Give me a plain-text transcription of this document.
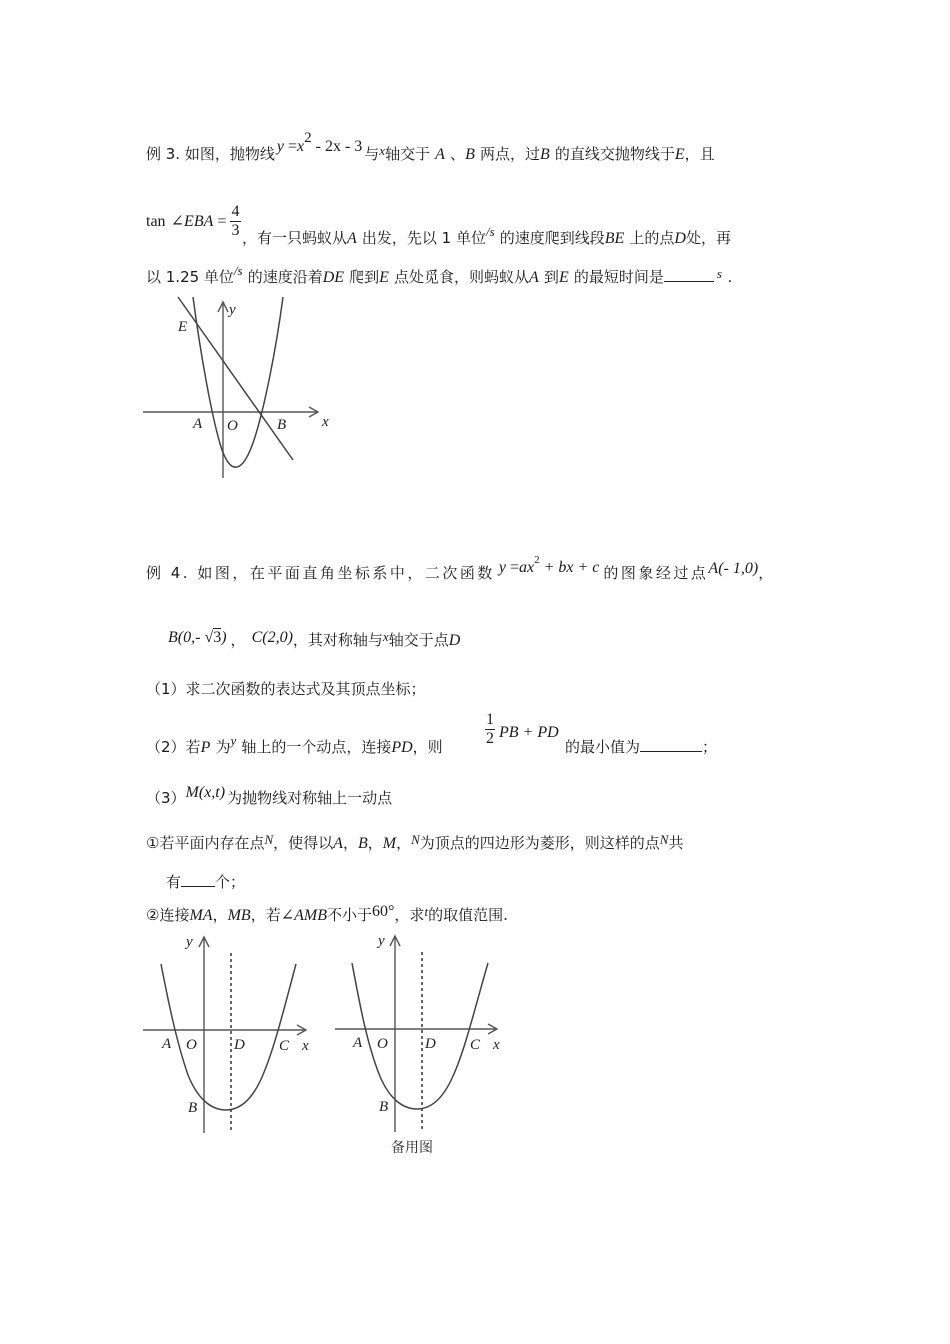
例 3. 如图，抛物线 y =x2 - 2x - 3 与$^x$轴交于 A 、B 两点，过B 的直线交抛物线于E，且
tan ∠EBA = $\frac{4}{3}$ ，有一只蚂蚁从A 出发，先以 1 单位$^{/s}$ 的速度爬到线段BE 上的点D处，再
以 1.25 单位$^{/s}$ 的速度沿着DE 爬到E 点处觅食，则蚂蚁从A 到E 的最短时间是	$^s$ .
E
y
A O	B x
例 4. 如图，在平面直角坐标系中，二次函数 $y =ax^2$ + bx + c 的图象经过点A(- 1,0)，
B(0,- √3) ， C(2,0)，其对称轴与$^x$轴交于点D
（1）求二次函数的表达式及其顶点坐标；
（2）若P 为$^y$ 轴上的一个动点，连接PD，则	$\frac{1}{2}$ PB + PD
的最小值为	；
（3）M(x,t) 为抛物线对称轴上一动点
①若平面内存在点$^N$，使得以A，B，M，$^N$为顶点的四边形为菱形，则这样的点$^N$共
有 个；
②连接MA，MB，若∠AMB不小于60°，求$^t$的取值范围.
y
A O D C x
B
y
A O D C x
B
备用图
